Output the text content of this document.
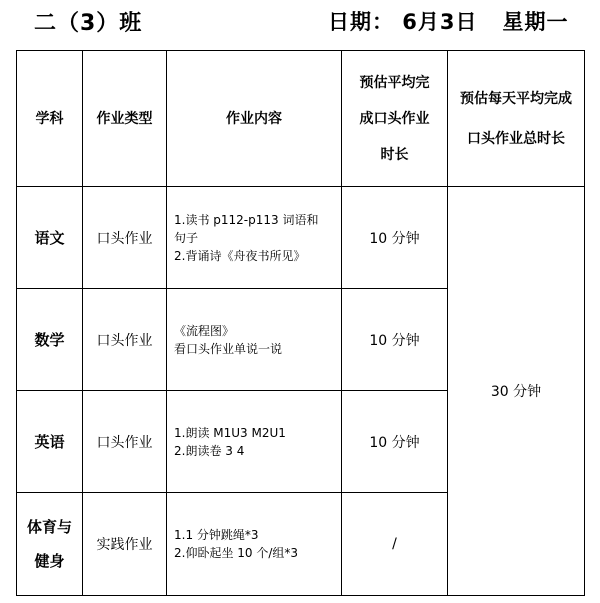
二（3）班	日期： 6月3日   星期一
学科	作业类型	作业内容	预估平均完
成口头作业
时长	预估每天平均完成
口头作业总时长

语文	口头作业	1.读书 p112-p113 词语和
句子
2.背诵诗《舟夜书所见》	10 分钟	30 分钟

数学	口头作业	《流程图》
看口头作业单说一说	10 分钟	

英语	口头作业	1.朗读 M1U3 M2U1
2.朗读卷 3 4	10 分钟	

体育与
健身	实践作业	1.1 分钟跳绳*3
2.仰卧起坐 10 个/组*3	/	
